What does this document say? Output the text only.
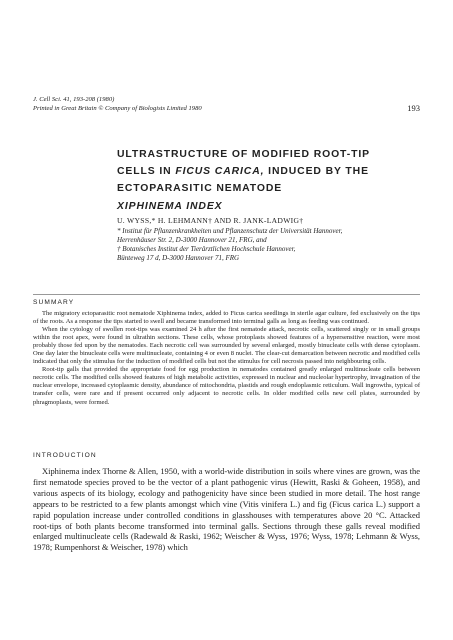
J. Cell Sci. 41, 193-208 (1980)
Printed in Great Britain © Company of Biologists Limited 1980	193
ULTRASTRUCTURE OF MODIFIED ROOT-TIP
CELLS IN FICUS CARICA, INDUCED BY THE
ECTOPARASITIC NEMATODE
XIPHINEMA INDEX
U. WYSS,* H. LEHMANN† AND R. JANK-LADWIG†
* Institut für Pflanzenkrankheiten und Pflanzenschutz der Universität Hannover,
Herrenhäuser Str. 2, D-3000 Hannover 21, FRG, and
† Botanisches Institut der Tierärztlichen Hochschule Hannover,
Bünteweg 17 d, D-3000 Hannover 71, FRG
SUMMARY

The migratory ectoparasitic root nematode Xiphinema index, added to Ficus carica seedlings in sterile agar culture, fed exclusively on the tips of the roots. As a response the tips started to swell and became transformed into terminal galls as long as feeding was continued.

When the cytology of swollen root-tips was examined 24 h after the first nematode attack, necrotic cells, scattered singly or in small groups within the root apex, were found in ultrathin sections. These cells, whose protoplasts showed features of a hypersensitive reaction, were most probably those fed upon by the nematodes. Each necrotic cell was surrounded by several enlarged, mostly binucleate cells with dense cytoplasm. One day later the binucleate cells were multinucleate, containing 4 or even 8 nuclei. The clear-cut demarcation between necrotic and modified cells indicated that only the stimulus for the induction of modified cells but not the stimulus for cell necrosis passed into neighbouring cells.

Root-tip galls that provided the appropriate food for egg production in nematodes contained greatly enlarged multinucleate cells between necrotic cells. The modified cells showed features of high metabolic activities, expressed in nuclear and nucleolar hypertrophy, invagination of the nuclear envelope, increased cytoplasmic density, abundance of mitochondria, plastids and rough endoplasmic reticulum. Wall ingrowths, typical of transfer cells, were rare and if present occurred only adjacent to necrotic cells. In older modified cells new cell plates, surrounded by phragmoplasts, were formed.

INTRODUCTION

Xiphinema index Thorne & Allen, 1950, with a world-wide distribution in soils where vines are grown, was the first nematode species proved to be the vector of a plant pathogenic virus (Hewitt, Raski & Goheen, 1958), and various aspects of its biology, ecology and pathogenicity have since been studied in more detail. The host range appears to be restricted to a few plants amongst which vine (Vitis vinifera L.) and fig (Ficus carica L.) support a rapid population increase under controlled conditions in glasshouses with temperatures above 20 °C. Attacked root-tips of both plants become transformed into terminal galls. Sections through these galls reveal modified enlarged multinucleate cells (Radewald & Raski, 1962; Weischer & Wyss, 1976; Wyss, 1978; Lehmann & Wyss, 1978; Rumpenhorst & Weischer, 1978) which
